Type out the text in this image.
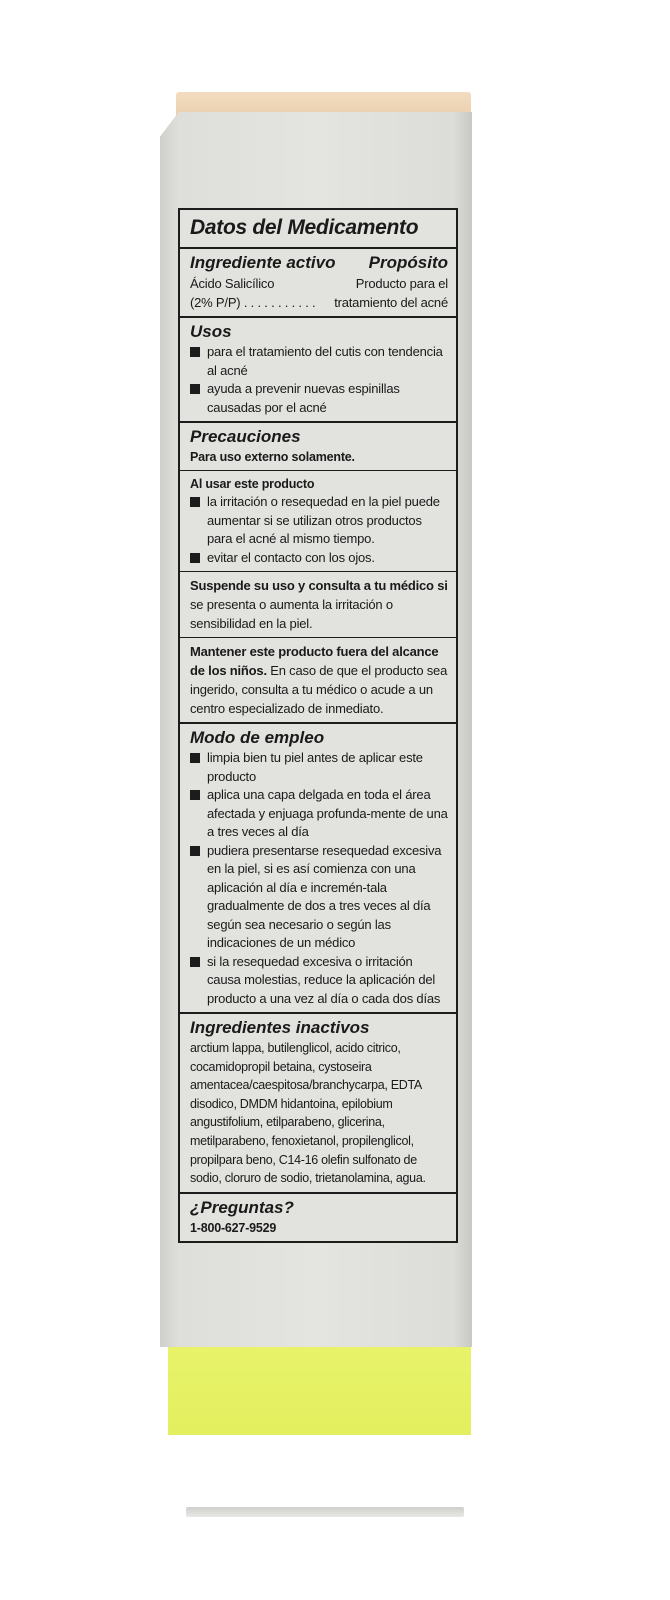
Datos del Medicamento
Ingrediente activo Propósito
Ácido Salicílico	Producto para el
(2% P/P) . . . . . . . . . . . tratamiento del acné
Usos
para el tratamiento del cutis con tendencia al acné
ayuda a prevenir nuevas espinillas causadas por el acné
Precauciones
Para uso externo solamente.
Al usar este producto
la irritación o resequedad en la piel puede aumentar si se utilizan otros productos para el acné al mismo tiempo.
evitar el contacto con los ojos.
Suspende su uso y consulta a tu médico si se presenta o aumenta la irritación o sensibilidad en la piel.
Mantener este producto fuera del alcance de los niños. En caso de que el producto sea ingerido, consulta a tu médico o acude a un centro especializado de inmediato.
Modo de empleo
limpia bien tu piel antes de aplicar este producto
aplica una capa delgada en toda el área afectada y enjuaga profunda-mente de una a tres veces al día
pudiera presentarse resequedad excesiva en la piel, si es así comienza con una aplicación al día e incremén-tala gradualmente de dos a tres veces al día según sea necesario o según las indicaciones de un médico
si la resequedad excesiva o irritación causa molestias, reduce la aplicación del producto a una vez al día o cada dos días
Ingredientes inactivos
arctium lappa, butilenglicol, acido citrico, cocamidopropil betaina, cystoseira amentacea/caespitosa/branchycarpa, EDTA disodico, DMDM hidantoina, epilobium angustifolium, etilparabeno, glicerina, metilparabeno, fenoxietanol, propilenglicol, propilpara beno, C14-16 olefin sulfonato de sodio, cloruro de sodio, trietanolamina, agua.
¿Preguntas?
1-800-627-9529
